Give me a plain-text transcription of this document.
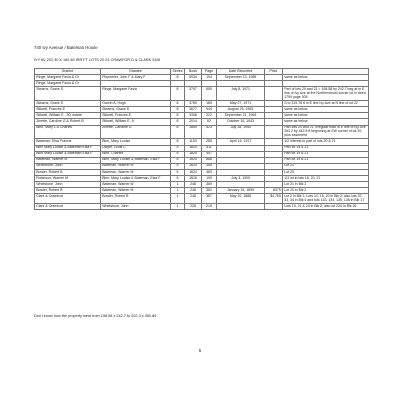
740 Ivy Avenue / Bateman House
IVY AV 202.30 X 182.89 IRR FT LOTS 20-21 CRAWFOR D & CLARK SUB
Grantor	Grantee	Series	Book	Page	Date Recorded	Price	
Ringe, Margaret Favia & Gr	Plopmeier, John F & Mary F	8	5934	194	September 13, 1985		same as below
Ringe, Margaret Favia & Gr							
Stearns, Grace S	Ringe, Margaret Favia	8	3797	650	July 8, 1971		Part of lots 20 and 21 = 198.58 by 242.7 beg at in E line of Ivy Ave at the Northernmost corner lot in deed 1799 page 305
Stearns, Grace S	Garvin A, Hugh	8	3789	189	May 27, 1971		S to 319.78 ft in E line Ivy Ave at N line of lot 22
Stilwell, Frances E	Stearns, Grace S	8	3677	544	August 26, 1963		same as below
Stilwell, William E., 30, estate	Stilwell, Frances E	8	3306	222	September 21, 1963		same as below
Zinette, Caroline G & Robert B	Stilwell, William E, Jr	8	2014	62	October 16, 1943		same as below
Binn, Mary L & Charles	Zinette, Caroline G	8	1860	523	July 18, 1940		Part lots 20 and 21, irregular tract in E line of Ivy Ave 263.2 by 442.5 ft beginning at SW corner of lot 20, plus easement
Bateman, Elsa Francis	Binn, Mary Louise	8	1153	285	April 16, 1917		1/2 interest in part of lots 20 & 21
Binn Mary Louise & Bateman Elsa F	Dwyer, Louis C	5	1820	511			Part lot 19 & 21
Binn Mary Louise & Bateman Elsa F	Binn, Charles	5	1820	447			Part lot 19 & 21
Bateman, Warner M	Binn, Mary Louise & Bateman, Elsa F	5	1624	886			Part lot 19 & 21
Whetstone, John	Bateman, Warner M	5	1624	455			Lot 21
Bowler, Robert B	Bateman, Warner M	5	1624	460			Lot 20
Robinson, Warner M	Binn, Mary Louise & Bateman, Elsa F	5	1816	190	July 3, 1909		1/3 int in lots 18, 20, 21
Whetstone, John	Bateman, Warner M	1	248	369			Lot 21 in Blk 2
Bowler, Robert B	Bateman, Warner M	1	248	381	January 15, 1899	$375	Lot 20 in Blk 2
Clark & Crawford	Bowler, Robert B	1	248	387	May 10, 1888	$4,750	Lot 2 in Blk 1; Lots 14, 15, 20 in Blk 2; also lots 32, 33, 34 in Blk 4 and lots 133, 134, 135, 136 in Blk 17
Clark & Crawford	Whetstone, John	1	228	219			Lots 19, 21 & 24 in Blk 2; also lot 224 in Blk 26
Don't know how the property went from 198.58 x 242.7 to 202.3 x 350.89
5
